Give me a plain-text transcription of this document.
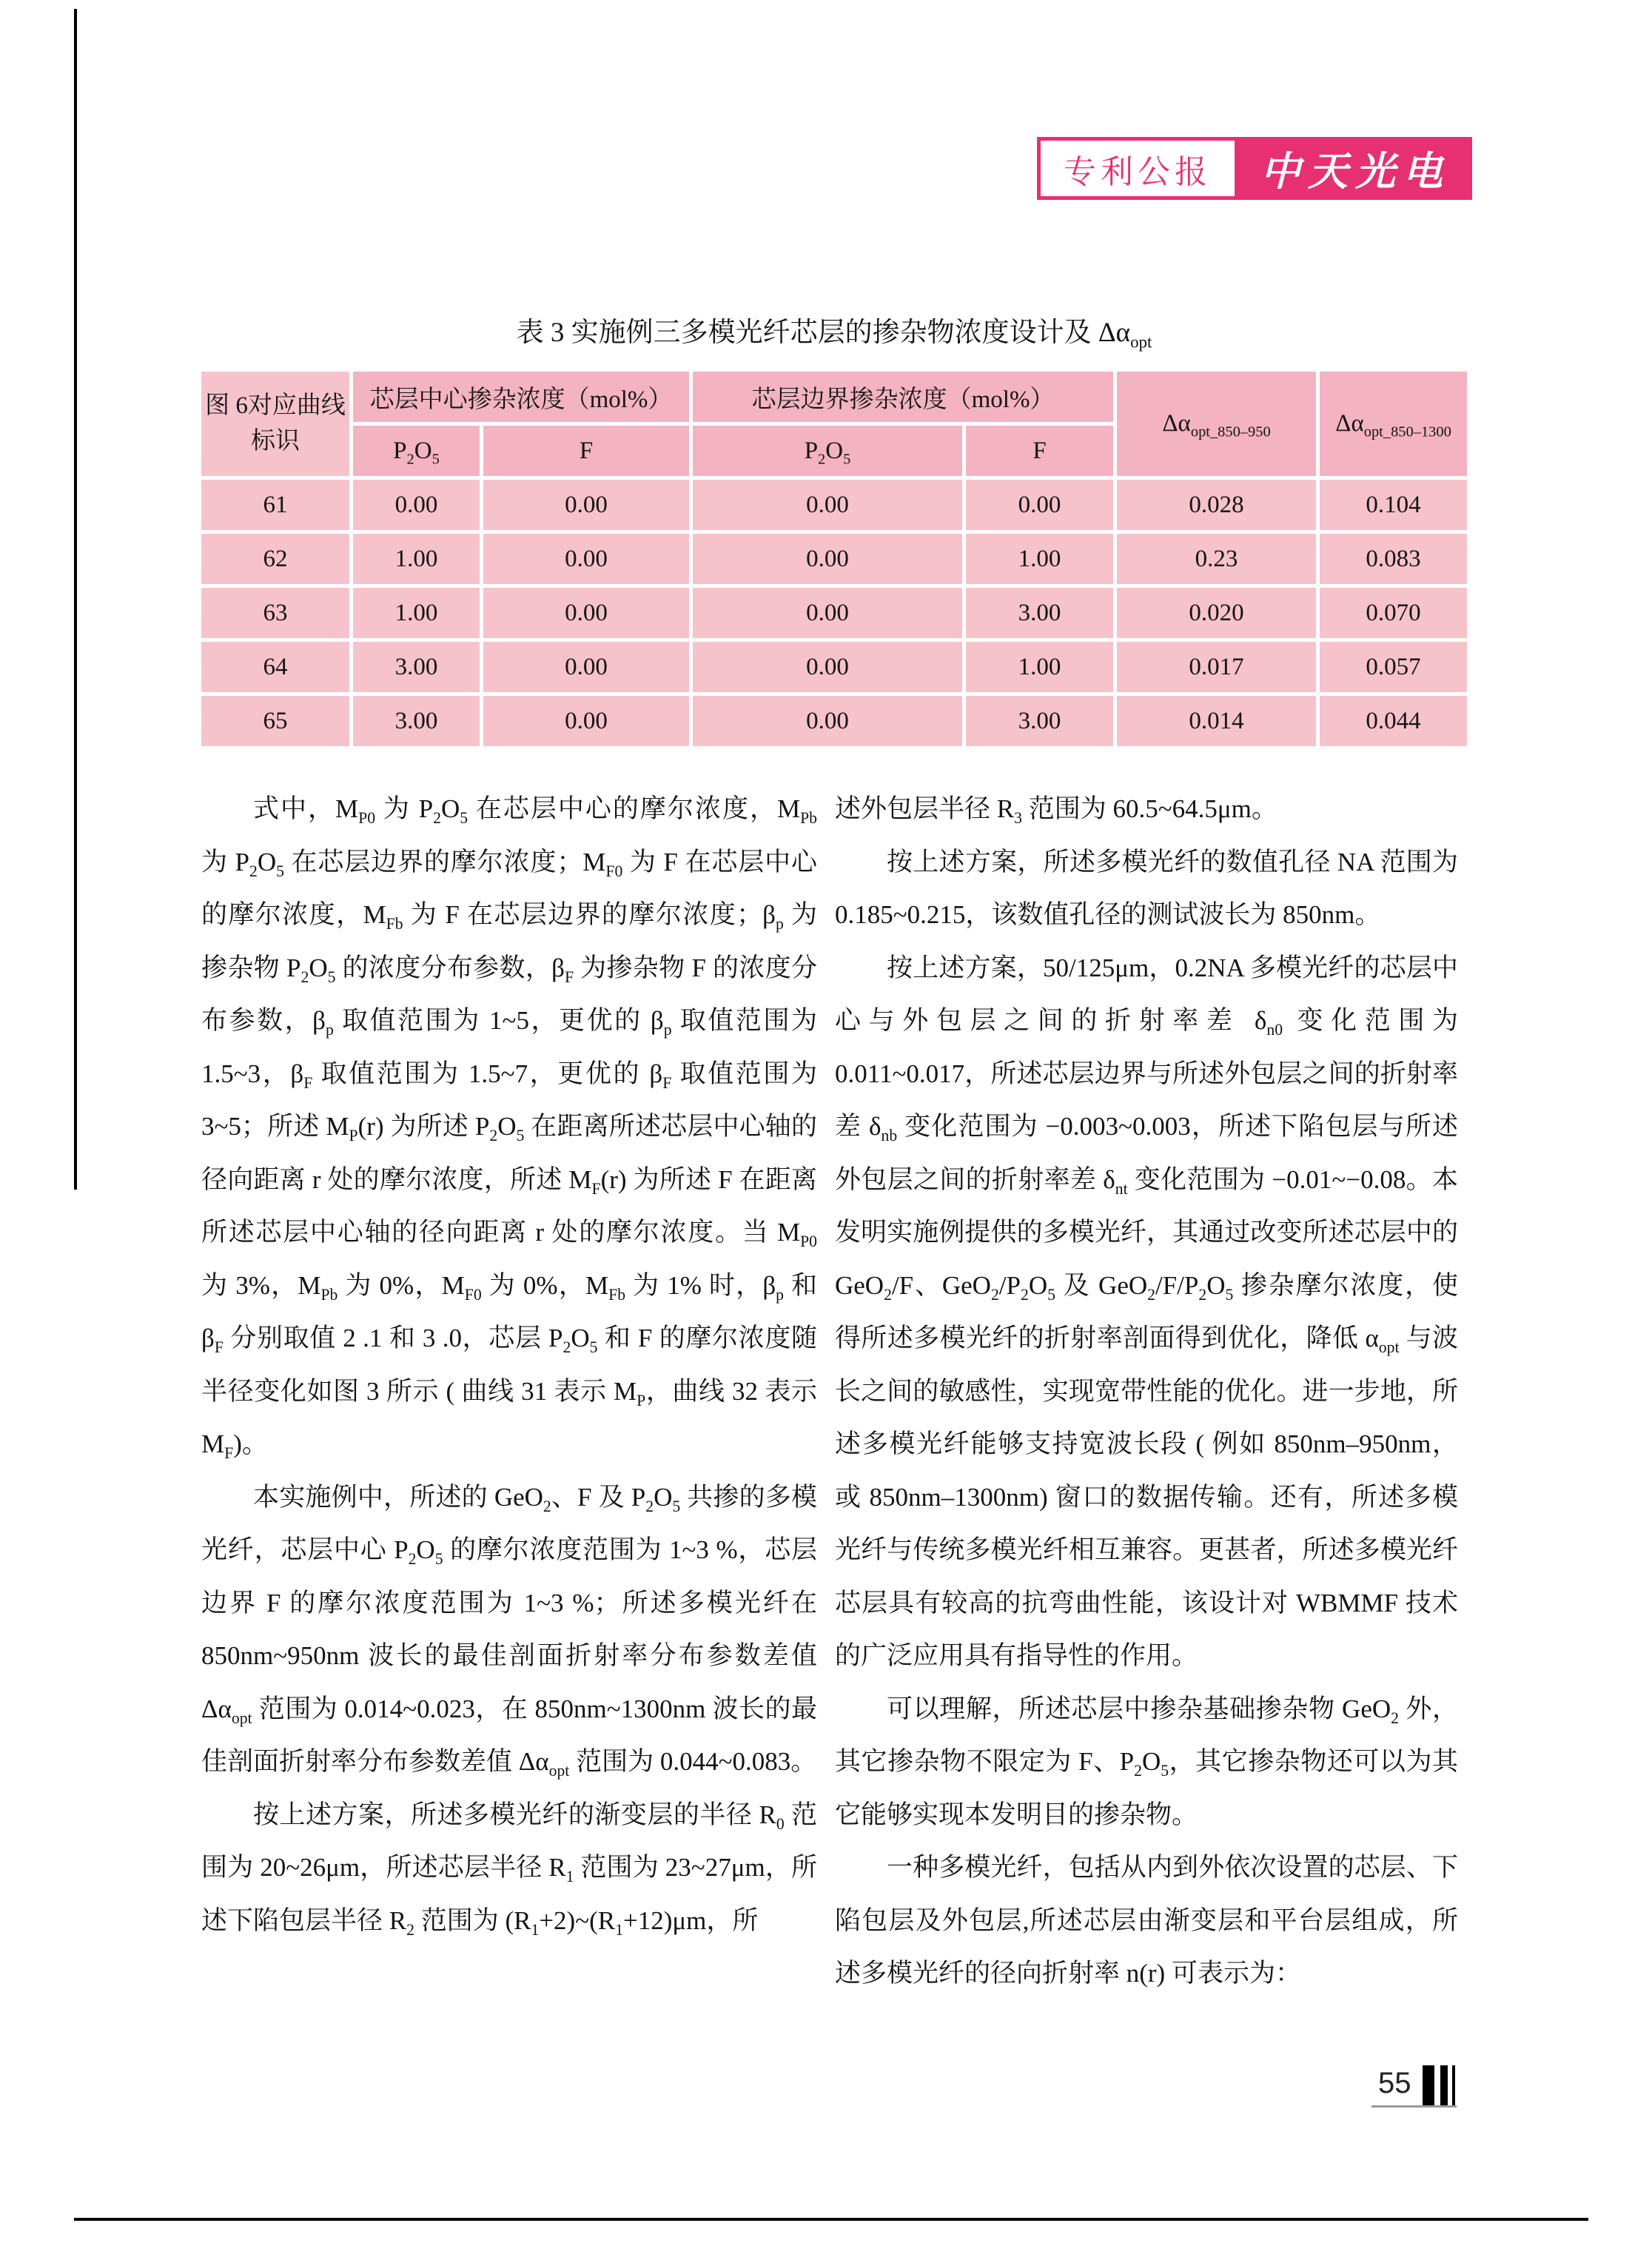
专利公报	中天光电
表 3 实施例三多模光纤芯层的掺杂物浓度设计及 $\Delta\alpha_{opt}$
图 6对应曲线
标识	芯层中心掺杂浓度（mol%）		芯层边界掺杂浓度（mol%）		$\Delta\alpha_{opt\_850-950}$	$\Delta\alpha_{opt\_850-1300}$
	$P_2O_5$	F	$P_2O_5$	F		
61	0.00	0.00	0.00	0.00	0.028	0.104
62	1.00	0.00	0.00	1.00	0.23	0.083
63	1.00	0.00	0.00	3.00	0.020	0.070
64	3.00	0.00	0.00	1.00	0.017	0.057
65	3.00	0.00	0.00	3.00	0.014	0.044

式中，$M_{P0}$ 为 $P_2O_5$ 在芯层中心的摩尔浓度，$M_{Pb}$ 为 $P_2O_5$ 在芯层边界的摩尔浓度；$M_{F0}$ 为 F 在芯层中心的摩尔浓度，$M_{Fb}$ 为 F 在芯层边界的摩尔浓度；$\beta_p$ 为掺杂物 $P_2O_5$ 的浓度分布参数，$\beta_F$ 为掺杂物 F 的浓度分布参数，$\beta_p$ 取值范围为 1~5，更优的 $\beta_p$ 取值范围为 1.5~3，$\beta_F$ 取值范围为 1.5~7，更优的 $\beta_F$ 取值范围为 3~5；所述 $M_P(r)$ 为所述 $P_2O_5$ 在距离所述芯层中心轴的径向距离 r 处的摩尔浓度，所述 $M_F(r)$ 为所述 F 在距离所述芯层中心轴的径向距离 r 处的摩尔浓度。当 $M_{P0}$ 为 3%，$M_{Pb}$ 为 0%，$M_{F0}$ 为 0%，$M_{Fb}$ 为 1% 时，$\beta_p$ 和 $\beta_F$ 分别取值 2 .1 和 3 .0，芯层 $P_2O_5$ 和 F 的摩尔浓度随半径变化如图 3 所示 ( 曲线 31 表示 $M_P$，曲线 32 表示 $M_F$)。

本实施例中，所述的 GeO$_2$、F 及 $P_2O_5$ 共掺的多模光纤，芯层中心 $P_2O_5$ 的摩尔浓度范围为 1~3 %，芯层边界 F 的摩尔浓度范围为 1~3 %；所述多模光纤在 850nm~950nm 波长的最佳剖面折射率分布参数差值 $\Delta\alpha_{opt}$ 范围为 0.014~0.023，在 850nm~1300nm 波长的最佳剖面折射率分布参数差值 $\Delta\alpha_{opt}$ 范围为 0.044~0.083。

按上述方案，所述多模光纤的渐变层的半径 $R_0$ 范围为 20~26μm，所述芯层半径 $R_1$ 范围为 23~27μm，所述下陷包层半径 $R_2$ 范围为 $(R_1+2)\sim(R_1+12)\mu m$，所

述外包层半径 $R_3$ 范围为 60.5~64.5μm。

按上述方案，所述多模光纤的数值孔径 NA 范围为 0.185~0.215，该数值孔径的测试波长为 850nm。

按上述方案，50/125μm，0.2NA 多模光纤的芯层中心与外包层之间的折射率差 $\delta_{n0}$ 变化范围为 0.011~0.017，所述芯层边界与所述外包层之间的折射率差 $\delta_{nb}$ 变化范围为 −0.003~0.003，所述下陷包层与所述外包层之间的折射率差 $\delta_{nt}$ 变化范围为 −0.01~−0.08。本发明实施例提供的多模光纤，其通过改变所述芯层中的 GeO$_2$/F、$GeO_2/P_2O_5$ 及 $GeO_2/F/P_2O_5$ 掺杂摩尔浓度，使得所述多模光纤的折射率剖面得到优化，降低 $\alpha_{opt}$ 与波长之间的敏感性，实现宽带性能的优化。进一步地，所述多模光纤能够支持宽波长段 ( 例如 850nm–950nm，或 850nm–1300nm) 窗口的数据传输。还有，所述多模光纤与传统多模光纤相互兼容。更甚者，所述多模光纤芯层具有较高的抗弯曲性能，该设计对 WBMMF 技术的广泛应用具有指导性的作用。

可以理解，所述芯层中掺杂基础掺杂物 GeO$_2$ 外，其它掺杂物不限定为 F、$P_2O_5$，其它掺杂物还可以为其它能够实现本发明目的掺杂物。

一种多模光纤，包括从内到外依次设置的芯层、下陷包层及外包层,所述芯层由渐变层和平台层组成，所述多模光纤的径向折射率 n(r) 可表示为：

55
